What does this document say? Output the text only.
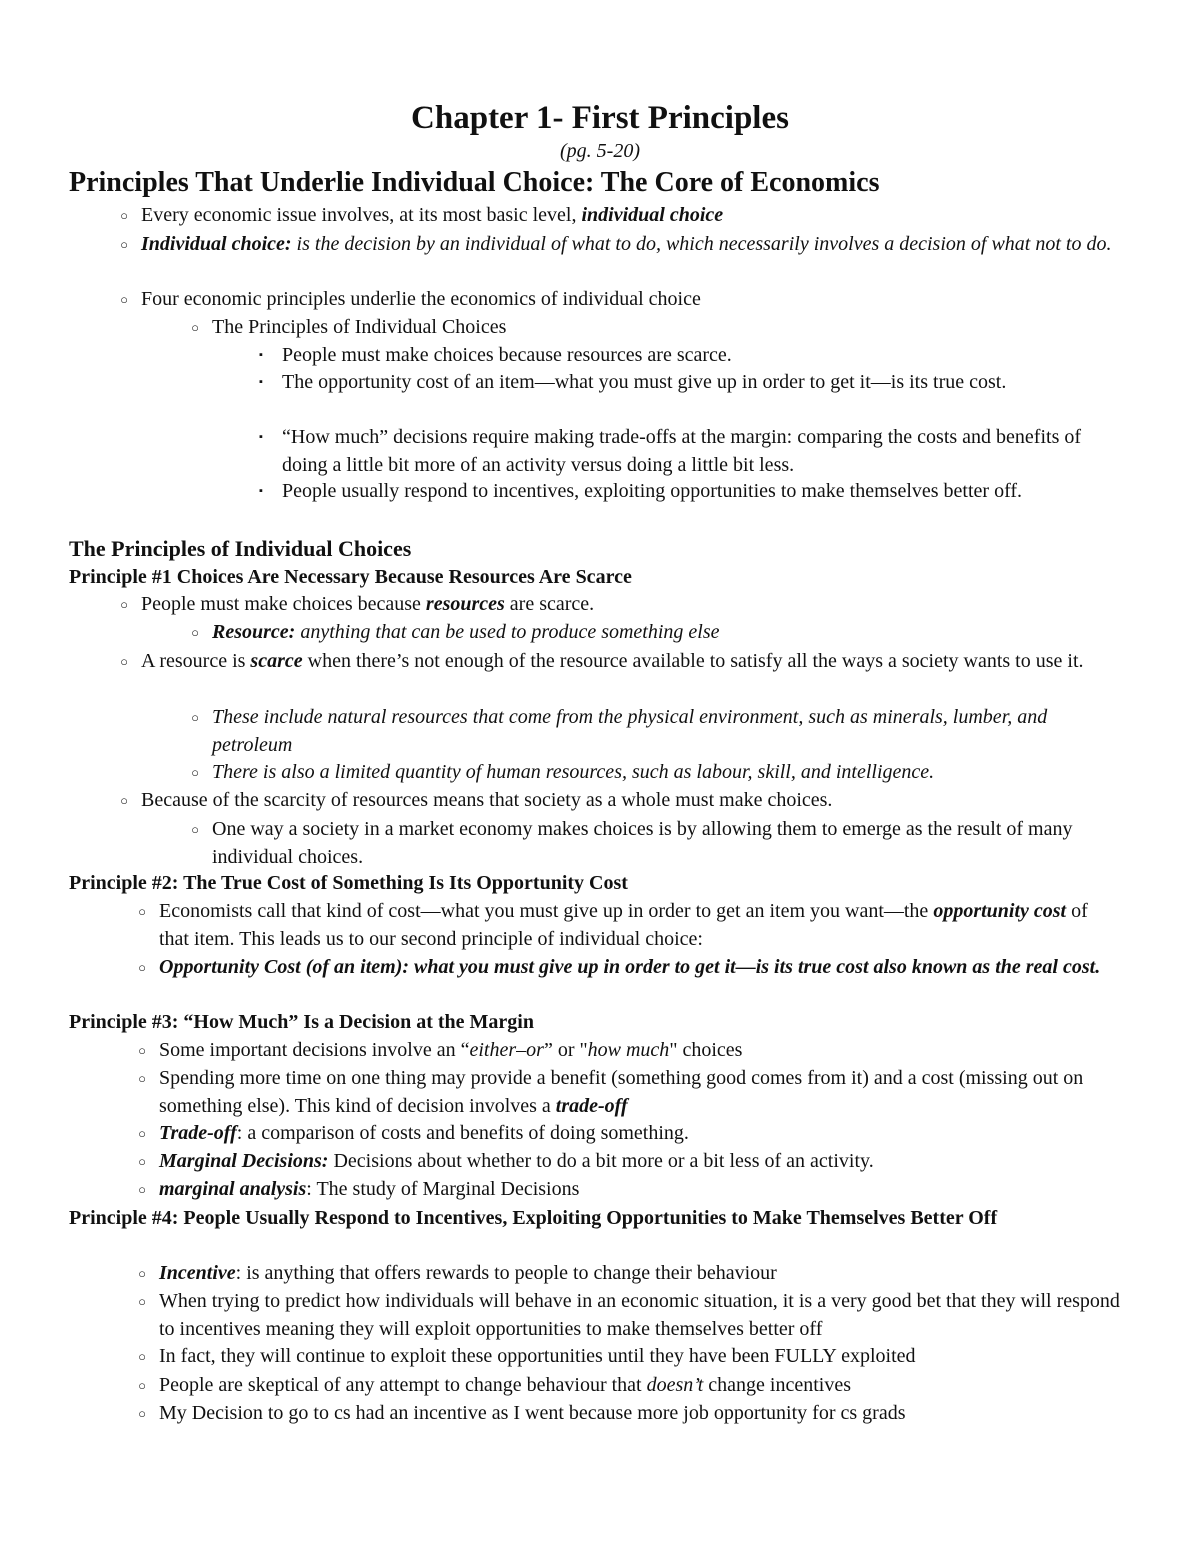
Chapter 1- First Principles
(pg. 5-20)
Principles That Underlie Individual Choice: The Core of Economics
○ Every economic issue involves, at its most basic level, individual choice
○ Individual choice: is the decision by an individual of what to do, which necessarily involves a decision of what not to do.
○ Four economic principles underlie the economics of individual choice
○ The Principles of Individual Choices
▪ People must make choices because resources are scarce.
▪ The opportunity cost of an item—what you must give up in order to get it—is its true cost.
▪ “How much” decisions require making trade-offs at the margin: comparing the costs and benefits of doing a little bit more of an activity versus doing a little bit less.
▪ People usually respond to incentives, exploiting opportunities to make themselves better off.
The Principles of Individual Choices
Principle #1 Choices Are Necessary Because Resources Are Scarce
○ People must make choices because resources are scarce.
○ Resource: anything that can be used to produce something else
○ A resource is scarce when there’s not enough of the resource available to satisfy all the ways a society wants to use it.
○ These include natural resources that come from the physical environment, such as minerals, lumber, and petroleum
○ There is also a limited quantity of human resources, such as labour, skill, and intelligence.
○ Because of the scarcity of resources means that society as a whole must make choices.
○ One way a society in a market economy makes choices is by allowing them to emerge as the result of many individual choices.
Principle #2: The True Cost of Something Is Its Opportunity Cost
○ Economists call that kind of cost—what you must give up in order to get an item you want—the opportunity cost of that item. This leads us to our second principle of individual choice:
○ Opportunity Cost (of an item): what you must give up in order to get it—is its true cost also known as the real cost.
Principle #3: “How Much” Is a Decision at the Margin
○ Some important decisions involve an “either–or” or "how much" choices
○ Spending more time on one thing may provide a benefit (something good comes from it) and a cost (missing out on something else). This kind of decision involves a trade-off
○ Trade-off: a comparison of costs and benefits of doing something.
○ Marginal Decisions: Decisions about whether to do a bit more or a bit less of an activity.
○ marginal analysis: The study of Marginal Decisions
Principle #4: People Usually Respond to Incentives, Exploiting Opportunities to Make Themselves Better Off
○ Incentive: is anything that offers rewards to people to change their behaviour
○ When trying to predict how individuals will behave in an economic situation, it is a very good bet that they will respond to incentives meaning they will exploit opportunities to make themselves better off
○ In fact, they will continue to exploit these opportunities until they have been FULLY exploited
○ People are skeptical of any attempt to change behaviour that doesn’t change incentives
○ My Decision to go to cs had an incentive as I went because more job opportunity for cs grads
